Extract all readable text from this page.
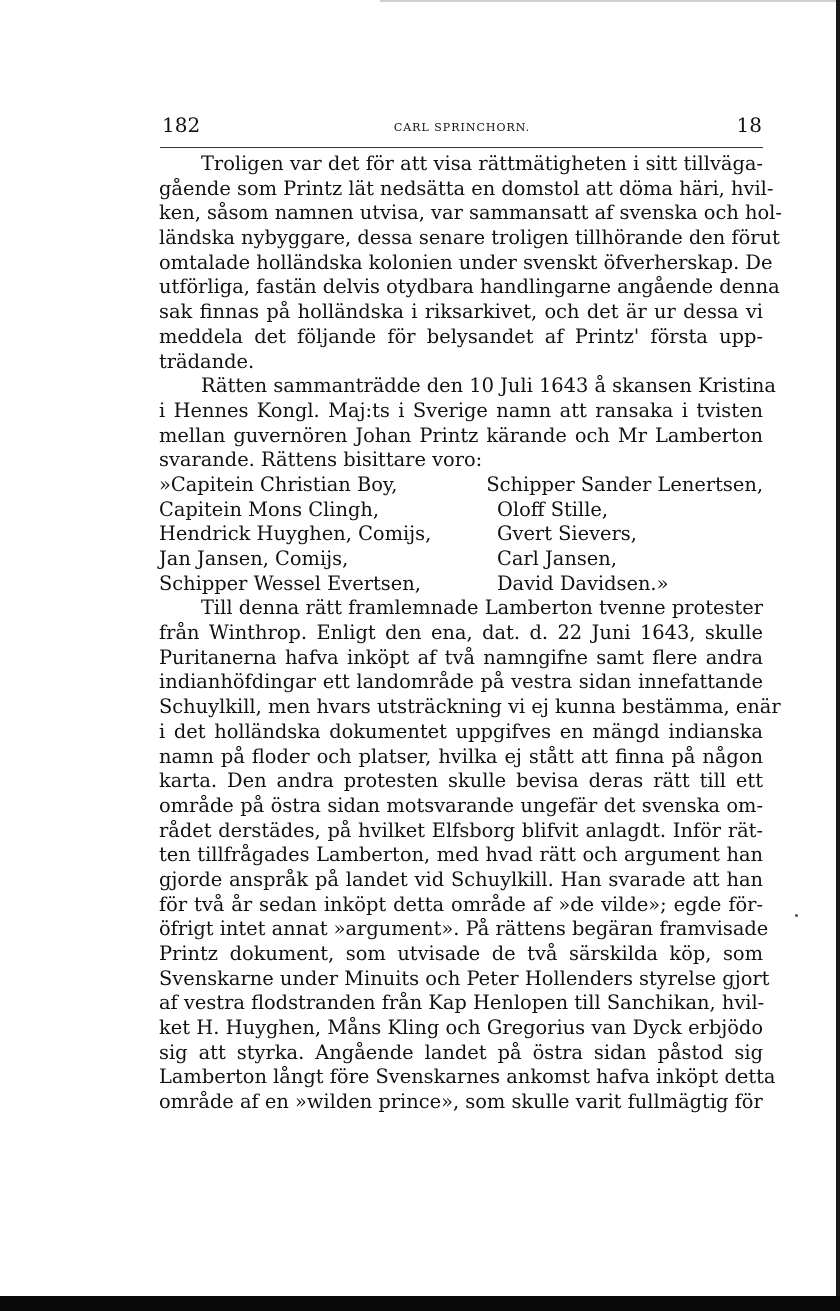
182	CARL SPRINCHORN.	18
Troligen var det för att visa rättmätigheten i sitt tillväga-
gående som Printz lät nedsätta en domstol att döma häri, hvil-
ken, såsom namnen utvisa, var sammansatt af svenska och hol-
ländska nybyggare, dessa senare troligen tillhörande den förut
omtalade holländska kolonien under svenskt öfverherskap. De
utförliga, fastän delvis otydbara handlingarne angående denna
sak finnas på holländska i riksarkivet, och det är ur dessa vi
meddela det följande för belysandet af Printz' första upp-
trädande.
Rätten sammanträdde den 10 Juli 1643 å skansen Kristina
i Hennes Kongl. Maj:ts i Sverige namn att ransaka i tvisten
mellan guvernören Johan Printz kärande och Mr Lamberton
svarande. Rättens bisittare voro:
»Capitein Christian Boy,	Schipper Sander Lenertsen,
Capitein Mons Clingh,	Oloff Stille,
Hendrick Huyghen, Comijs,	Gvert Sievers,
Jan Jansen, Comijs,	Carl Jansen,
Schipper Wessel Evertsen,	David Davidsen.»
Till denna rätt framlemnade Lamberton tvenne protester
från Winthrop. Enligt den ena, dat. d. 22 Juni 1643, skulle
Puritanerna hafva inköpt af två namngifne samt flere andra
indianhöfdingar ett landområde på vestra sidan innefattande
Schuylkill, men hvars utsträckning vi ej kunna bestämma, enär
i det holländska dokumentet uppgifves en mängd indianska
namn på floder och platser, hvilka ej stått att finna på någon
karta. Den andra protesten skulle bevisa deras rätt till ett
område på östra sidan motsvarande ungefär det svenska om-
rådet derstädes, på hvilket Elfsborg blifvit anlagdt. Inför rät-
ten tillfrågades Lamberton, med hvad rätt och argument han
gjorde anspråk på landet vid Schuylkill. Han svarade att han
för två år sedan inköpt detta område af »de vilde»; egde för-
öfrigt intet annat »argument». På rättens begäran framvisade
Printz dokument, som utvisade de två särskilda köp, som
Svenskarne under Minuits och Peter Hollenders styrelse gjort
af vestra flodstranden från Kap Henlopen till Sanchikan, hvil-
ket H. Huyghen, Måns Kling och Gregorius van Dyck erbjödo
sig att styrka. Angående landet på östra sidan påstod sig
Lamberton långt före Svenskarnes ankomst hafva inköpt detta
område af en »wilden prince», som skulle varit fullmägtig för
